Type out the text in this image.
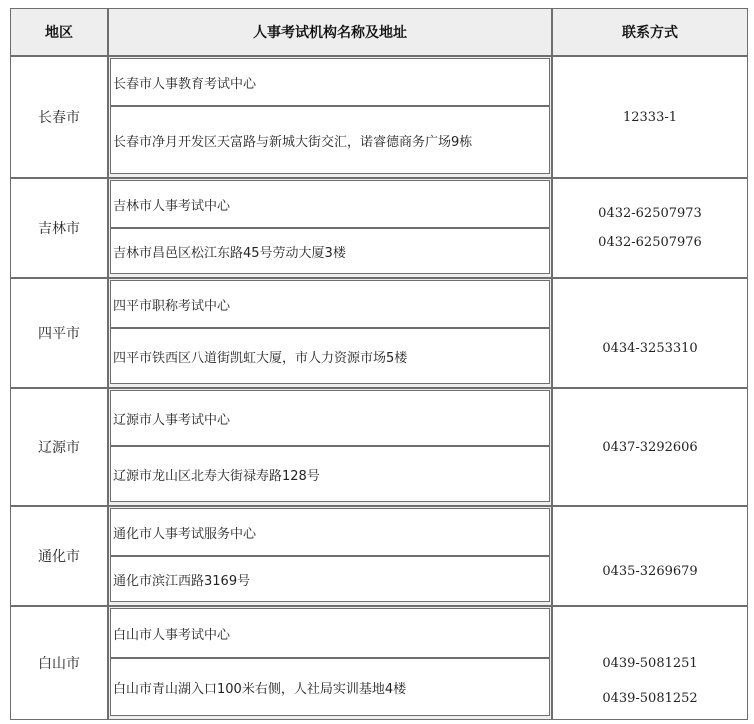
地区	人事考试机构名称及地址	联系方式
长春市
长春市人事教育考试中心
长春市净月开发区天富路与新城大街交汇，诺睿德商务广场9栋
12333-1
吉林市
吉林市人事考试中心
吉林市昌邑区松江东路45号劳动大厦3楼
0432-62507973
0432-62507976
四平市
四平市职称考试中心
四平市铁西区八道街凯虹大厦，市人力资源市场5楼
0434-3253310
辽源市
辽源市人事考试中心
辽源市龙山区北寿大街禄寿路128号
0437-3292606
通化市
通化市人事考试服务中心
通化市滨江西路3169号
0435-3269679
白山市
白山市人事考试中心
白山市青山湖入口100米右侧，人社局实训基地4楼
0439-5081251
0439-5081252
